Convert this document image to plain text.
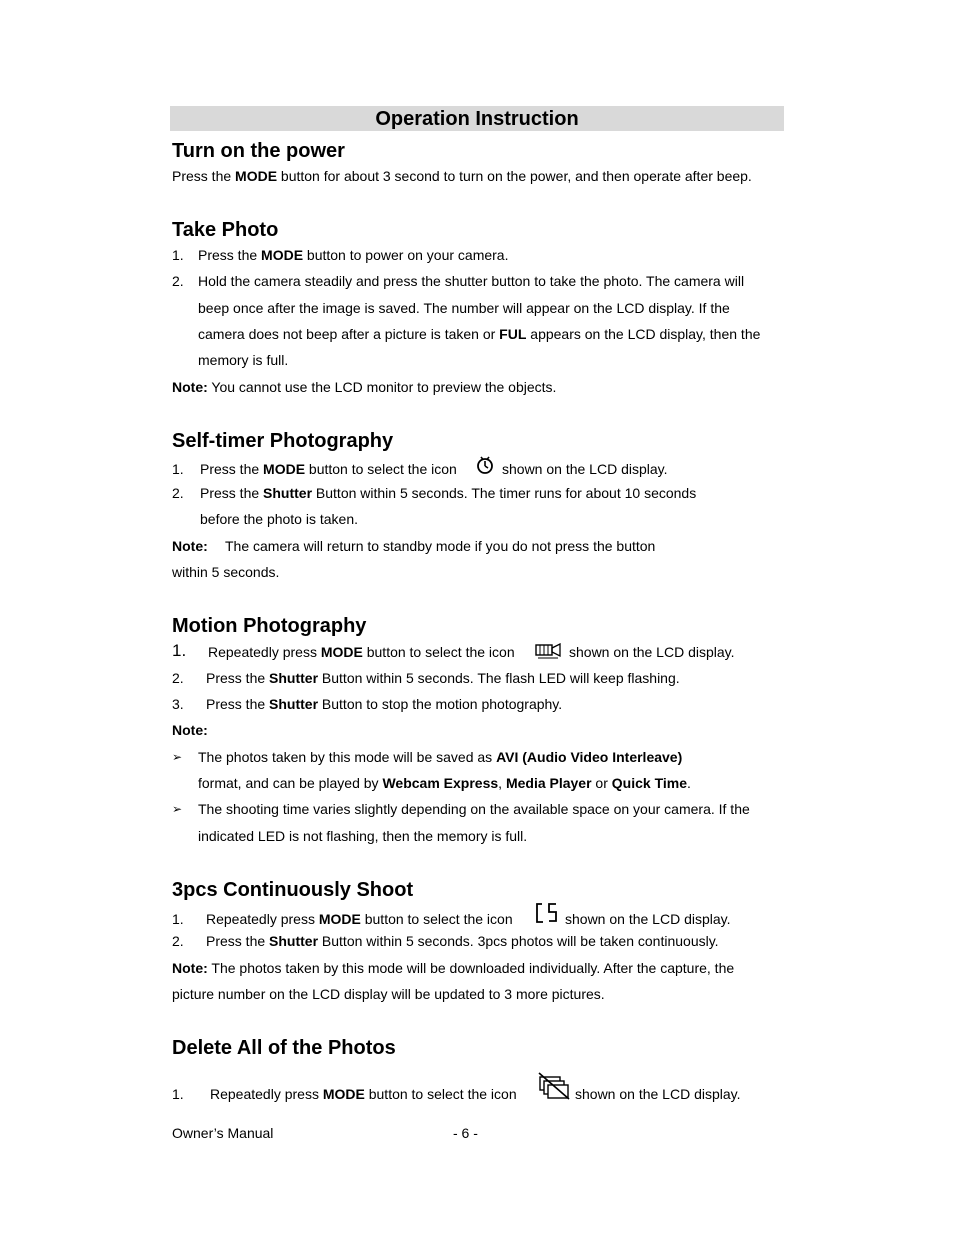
Operation Instruction
Turn on the power
Press the MODE button for about 3 second to turn on the power, and then operate after beep.
Take Photo
1. Press the MODE button to power on your camera.
2. Hold the camera steadily and press the shutter button to take the photo. The camera will
beep once after the image is saved. The number will appear on the LCD display. If the
camera does not beep after a picture is taken or FUL appears on the LCD display, then the
memory is full.
Note: You cannot use the LCD monitor to preview the objects.
Self-timer Photography
1. Press the MODE button to select the icon	shown on the LCD display.
2. Press the Shutter Button within 5 seconds. The timer runs for about 10 seconds
before the photo is taken.
Note: The camera will return to standby mode if you do not press the button
within 5 seconds.
Motion Photography
1. Repeatedly press MODE button to select the icon	shown on the LCD display.
2. Press the Shutter Button within 5 seconds. The flash LED will keep flashing.
3. Press the Shutter Button to stop the motion photography.
Note:
➢ The photos taken by this mode will be saved as AVI (Audio Video Interleave)
format, and can be played by Webcam Express, Media Player or Quick Time.
➢ The shooting time varies slightly depending on the available space on your camera. If the
indicated LED is not flashing, then the memory is full.
3pcs Continuously Shoot
1. Repeatedly press MODE button to select the icon	shown on the LCD display.
2. Press the Shutter Button within 5 seconds. 3pcs photos will be taken continuously.
Note: The photos taken by this mode will be downloaded individually. After the capture, the
picture number on the LCD display will be updated to 3 more pictures.
Delete All of the Photos
1. Repeatedly press MODE button to select the icon	shown on the LCD display.
Owner’s Manual	- 6 -
